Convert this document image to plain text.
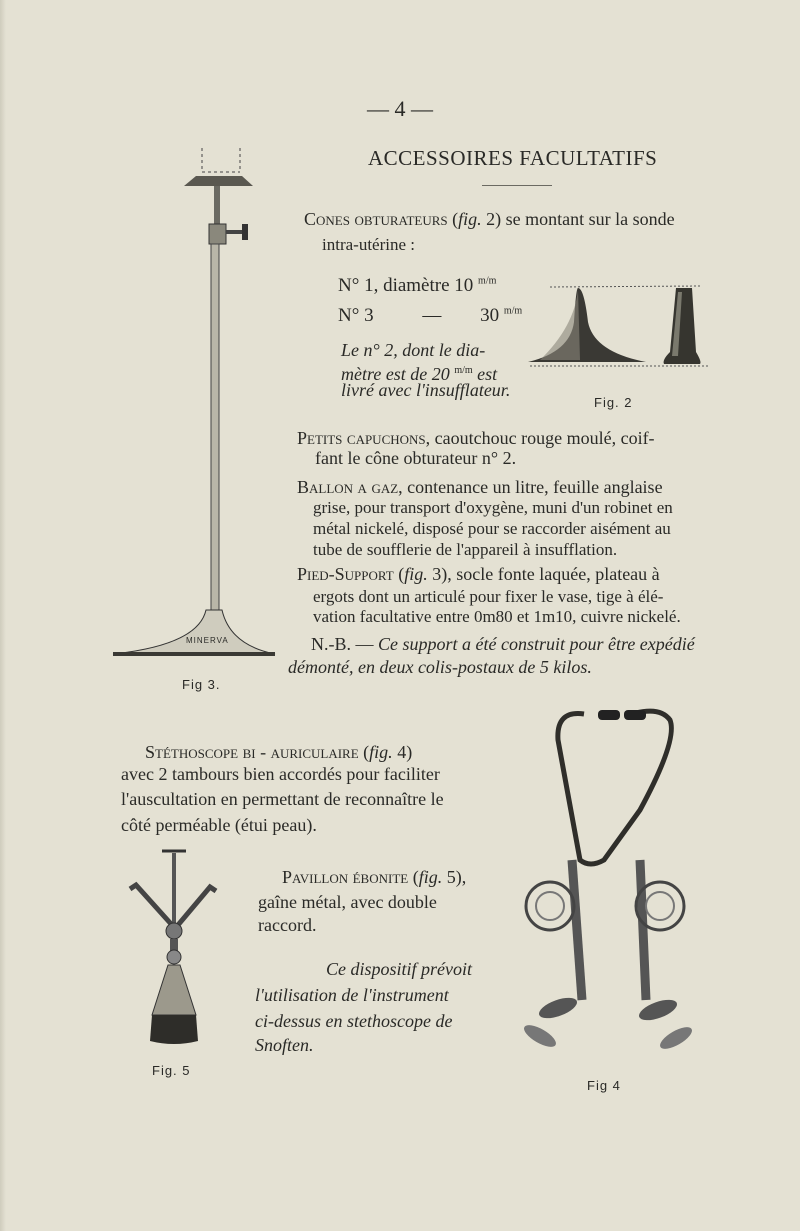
— 4 —
ACCESSOIRES FACULTATIFS
Cones obturateurs (fig. 2) se montant sur la sonde
intra-utérine :
N° 1, diamètre 10 $^{m/m}$
N° 3	— 30 $^{m/m}$
Le n° 2, dont le dia-
mètre est de 20 $^{m/m}$ est
livré avec l'insufflateur.
Fig. 2
Petits capuchons, caoutchouc rouge moulé, coif-
fant le cône obturateur n° 2.
Ballon a gaz, contenance un litre, feuille anglaise
grise, pour transport d'oxygène, muni d'un robinet en
métal nickelé, disposé pour se raccorder aisément au
tube de soufflerie de l'appareil à insufflation.
Pied-Support (fig. 3), socle fonte laquée, plateau à
ergots dont un articulé pour fixer le vase, tige à élé-
vation facultative entre 0m80 et 1m10, cuivre nickelé.
N.-B. — Ce support a été construit pour être expédié
démonté, en deux colis-postaux de 5 kilos.
MINERVA
Fig 3.
Stéthoscope bi - auriculaire (fig. 4)
avec 2 tambours bien accordés pour faciliter
l'auscultation en permettant de reconnaître le
côté perméable (étui peau).
Pavillon ébonite (fig. 5),
gaîne métal, avec double
raccord.
Ce dispositif prévoit
l'utilisation de l'instrument
ci-dessus en stethoscope de
Snoften.
Fig. 5
Fig 4
